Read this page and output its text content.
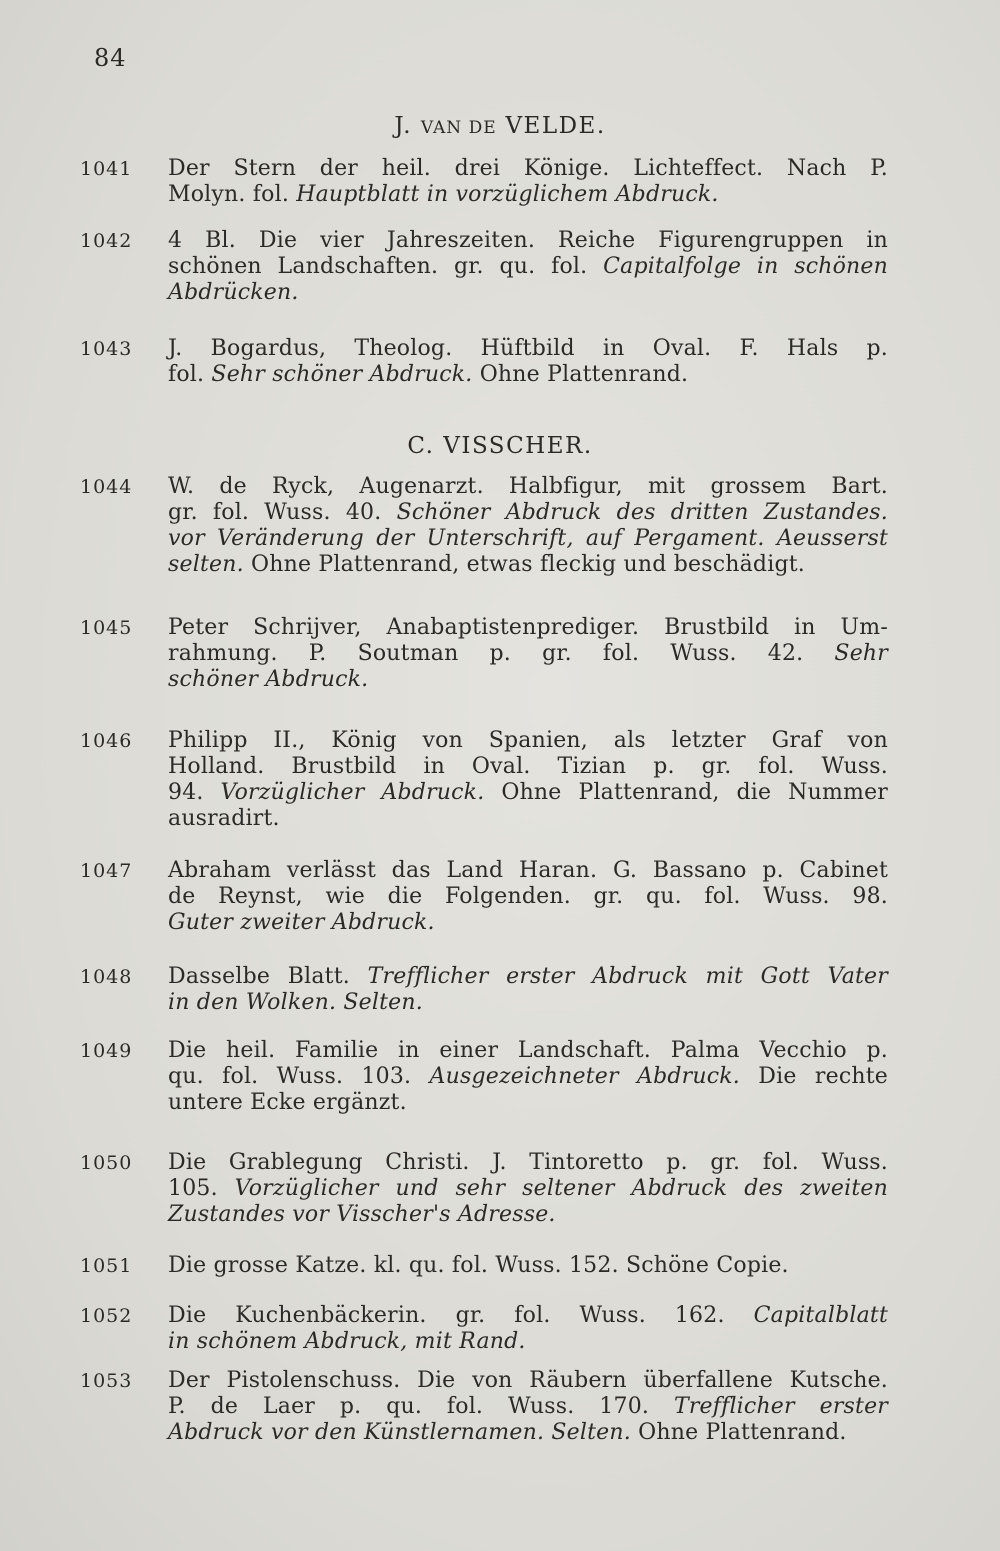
84
J. VAN DE VELDE.
C. VISSCHER.
1041 Der Stern der heil. drei Könige. Lichteffect. Nach P.
Molyn. fol. Hauptblatt in vorzüglichem Abdruck.
1042 4 Bl. Die vier Jahreszeiten. Reiche Figurengruppen in
schönen Landschaften. gr. qu. fol. Capitalfolge in schönen
Abdrücken.
1043 J. Bogardus, Theolog. Hüftbild in Oval. F. Hals p.
fol. Sehr schöner Abdruck. Ohne Plattenrand.
1044 W. de Ryck, Augenarzt. Halbfigur, mit grossem Bart.
gr. fol. Wuss. 40. Schöner Abdruck des dritten Zustandes.
vor Veränderung der Unterschrift, auf Pergament. Aeusserst
selten. Ohne Plattenrand, etwas fleckig und beschädigt.
1045 Peter Schrijver, Anabaptistenprediger. Brustbild in Um-
rahmung. P. Soutman p. gr. fol. Wuss. 42. Sehr
schöner Abdruck.
1046 Philipp II., König von Spanien, als letzter Graf von
Holland. Brustbild in Oval. Tizian p. gr. fol. Wuss.
94. Vorzüglicher Abdruck. Ohne Plattenrand, die Nummer
ausradirt.
1047 Abraham verlässt das Land Haran. G. Bassano p. Cabinet
de Reynst, wie die Folgenden. gr. qu. fol. Wuss. 98.
Guter zweiter Abdruck.
1048 Dasselbe Blatt. Trefflicher erster Abdruck mit Gott Vater
in den Wolken. Selten.
1049 Die heil. Familie in einer Landschaft. Palma Vecchio p.
qu. fol. Wuss. 103. Ausgezeichneter Abdruck. Die rechte
untere Ecke ergänzt.
1050 Die Grablegung Christi. J. Tintoretto p. gr. fol. Wuss.
105. Vorzüglicher und sehr seltener Abdruck des zweiten
Zustandes vor Visscher's Adresse.
1051 Die grosse Katze. kl. qu. fol. Wuss. 152. Schöne Copie.
1052 Die Kuchenbäckerin. gr. fol. Wuss. 162. Capitalblatt
in schönem Abdruck, mit Rand.
1053 Der Pistolenschuss. Die von Räubern überfallene Kutsche.
P. de Laer p. qu. fol. Wuss. 170. Trefflicher erster
Abdruck vor den Künstlernamen. Selten. Ohne Plattenrand.
